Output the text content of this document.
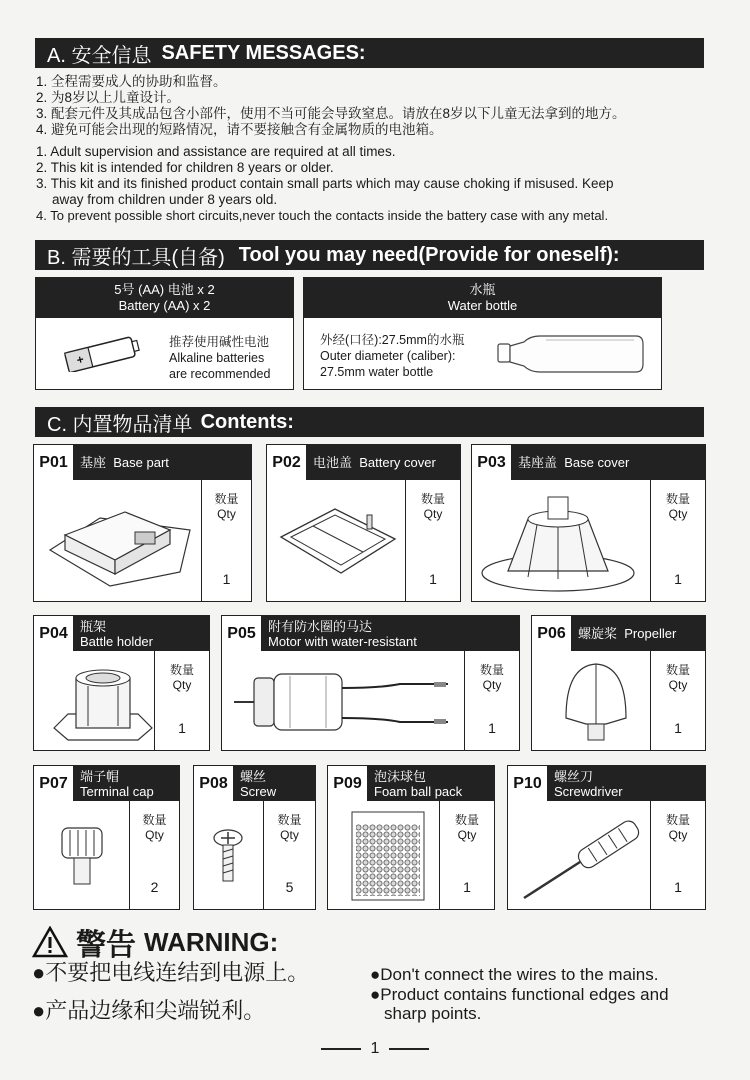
A. 安全信息 SAFETY MESSAGES:
1. 全程需要成人的协助和监督。
2. 为8岁以上儿童设计。
3. 配套元件及其成品包含小部件，使用不当可能会导致窒息。请放在8岁以下儿童无法拿到的地方。
4. 避免可能会出现的短路情况，请不要接触含有金属物质的电池箱。
1. Adult supervision and assistance are required at all times.
2. This kit is intended for children 8 years or older.
3. This kit and its finished product contain small parts which may cause choking if misused. Keep
away from children under 8 years old.
4. To prevent possible short circuits,never touch the contacts inside the battery case with any metal.
B. 需要的工具(自备) Tool you may need(Provide for oneself):
5号 (AA) 电池 x 2
Battery (AA) x 2
+
推荐使用碱性电池
Alkaline batteries
are recommended
水瓶
Water bottle
外经(口径):27.5mm的水瓶
Outer diameter (caliber):
27.5mm water bottle
C. 内置物品清单 Contents:
P01 基座 Base part
数量
Qty
1
P02 电池盖 Battery cover
数量
Qty
1
P03 基座盖 Base cover
数量
Qty
1
P04 瓶架
Battle holder
数量
Qty
1
P05 附有防水圈的马达
Motor with water-resistant
数量
Qty
1
P06 螺旋桨 Propeller
数量
Qty
1
P07 端子帽
Terminal cap
数量
Qty
2
P08 螺丝
Screw
数量
Qty
5
P09 泡沫球包
Foam ball pack
数量
Qty
1
P10 螺丝刀
Screwdriver
数量
Qty
1
警告 WARNING:
●不要把电线连结到电源上。
●产品边缘和尖端锐利。
●Don't connect the wires to the mains.
●Product contains functional edges and
sharp points.
1
